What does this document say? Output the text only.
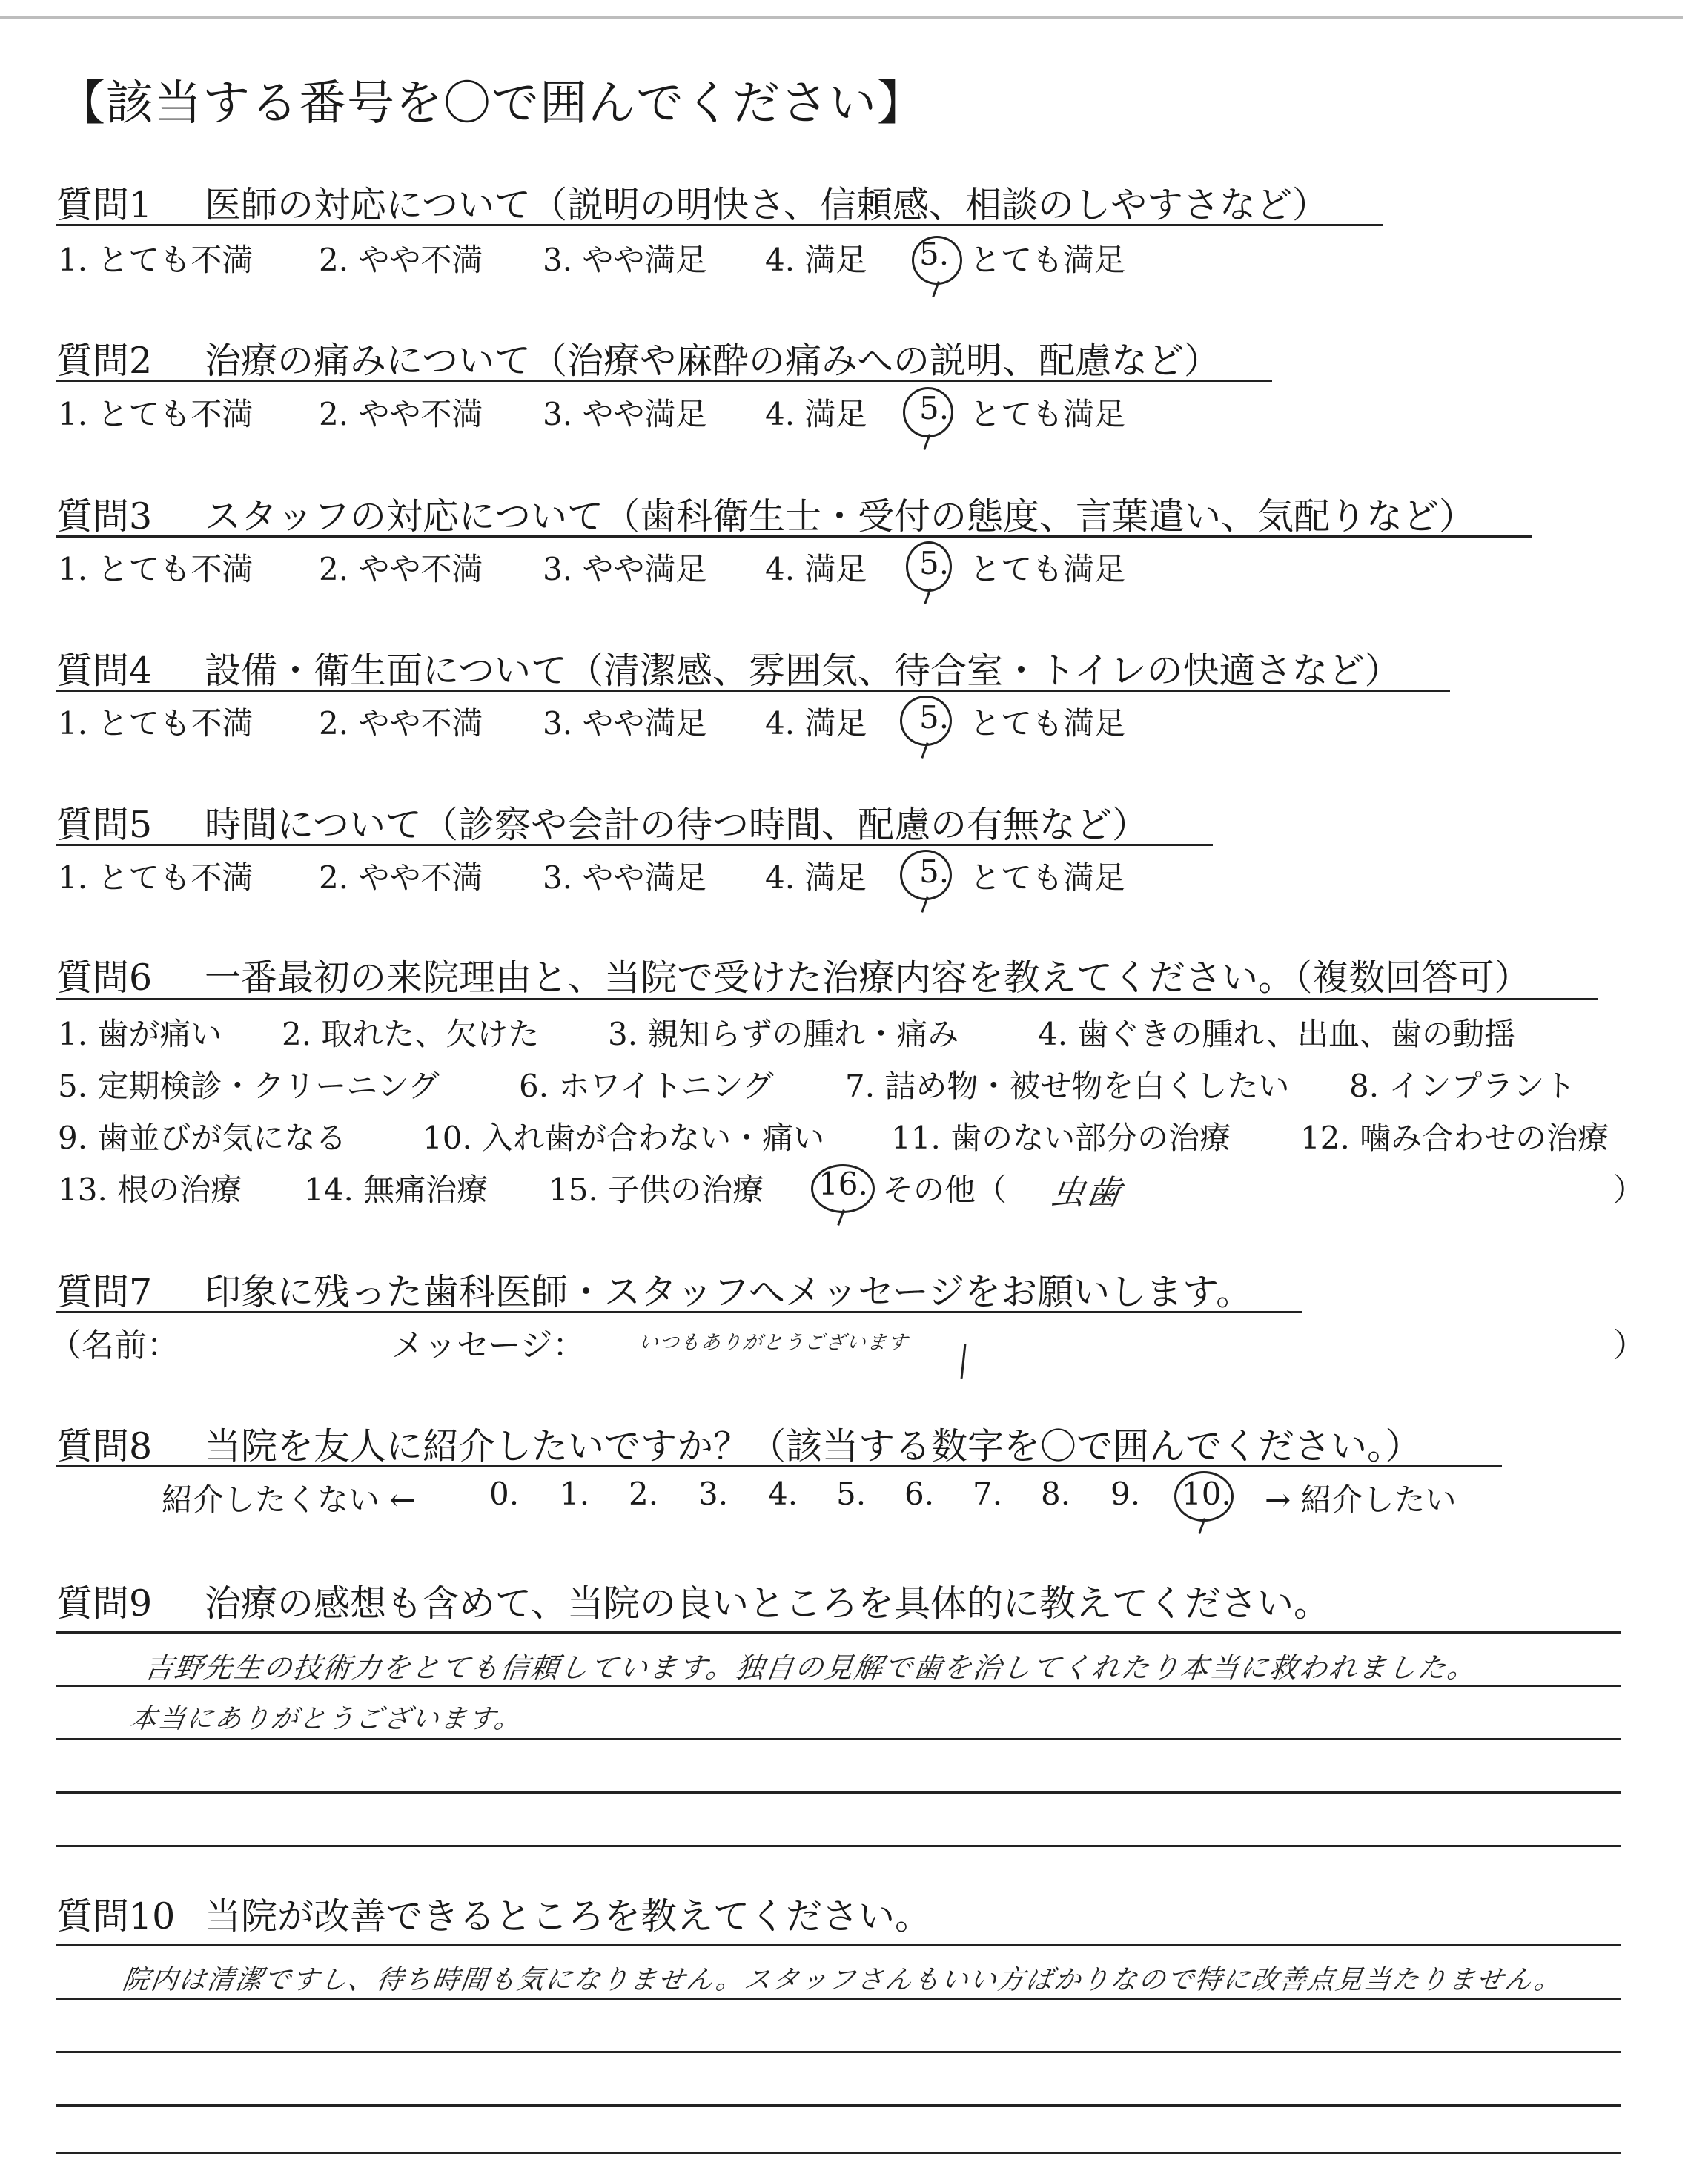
【該当する番号を〇で囲んでください】
質問1 医師の対応について（説明の明快さ、信頼感、相談のしやすさなど）
1. とても不満 2. やや不満 3. やや満足 4. 満足 5. とても満足
質問2 治療の痛みについて（治療や麻酔の痛みへの説明、配慮など）
1. とても不満 2. やや不満 3. やや満足 4. 満足 5. とても満足
質問3 スタッフの対応について（歯科衛生士・受付の態度、言葉遣い、気配りなど）
1. とても不満 2. やや不満 3. やや満足 4. 満足 5. とても満足
質問4 設備・衛生面について（清潔感、雰囲気、待合室・トイレの快適さなど）
1. とても不満 2. やや不満 3. やや満足 4. 満足 5. とても満足
質問5 時間について（診察や会計の待つ時間、配慮の有無など）
1. とても不満 2. やや不満 3. やや満足 4. 満足 5. とても満足
質問6 一番最初の来院理由と、当院で受けた治療内容を教えてください。（複数回答可）
1. 歯が痛い 2. 取れた、欠けた 3. 親知らずの腫れ・痛み	4. 歯ぐきの腫れ、出血、歯の動揺
5. 定期検診・クリーニング	6. ホワイトニング 7. 詰め物・被せ物を白くしたい 8. インプラント
9. 歯並びが気になる 10. 入れ歯が合わない・痛い 11. 歯のない部分の治療 12. 噛み合わせの治療
13. 根の治療 14. 無痛治療 15. 子供の治療 16. その他（	）
虫歯
質問7 印象に残った歯科医師・スタッフへメッセージをお願いします。
（名前：	メッセージ：	いつもありがとうございます	）
質問8 当院を友人に紹介したいですか？（該当する数字を〇で囲んでください。）
紹介したくない ← 0. 1. 2. 3. 4. 5. 6. 7. 8. 9. 10. → 紹介したい
質問9 治療の感想も含めて、当院の良いところを具体的に教えてください。
吉野先生の技術力をとても信頼しています。独自の見解で歯を治してくれたり本当に救われました。
本当にありがとうございます。
質問10 当院が改善できるところを教えてください。
院内は清潔ですし、待ち時間も気になりません。スタッフさんもいい方ばかりなので特に改善点見当たりません。
